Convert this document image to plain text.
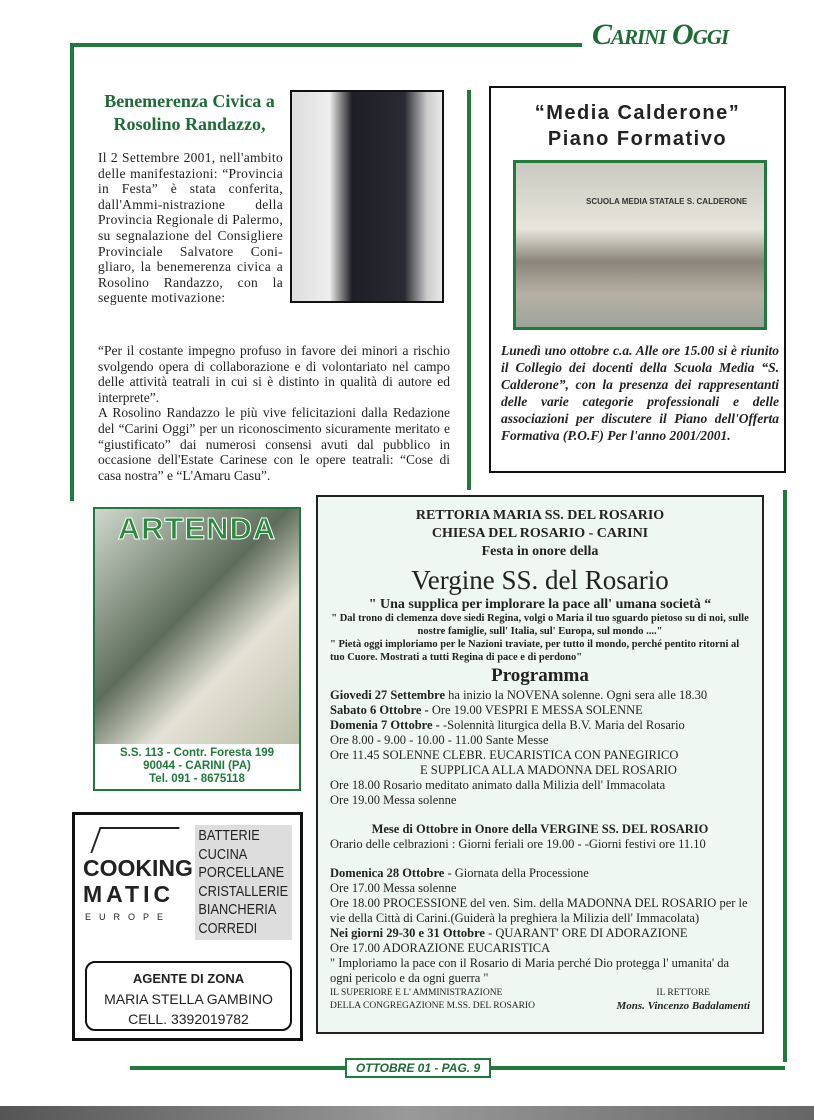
Carini Oggi
Benemerenza Civica a
Rosolino Randazzo,
Il 2 Settembre 2001, nell'ambito delle manifestazioni: “Provincia in Festa” è stata conferita, dall'Ammi-nistrazione della Provincia Regionale di Palermo, su segnalazione del Consigliere Provinciale Salvatore Coni-gliaro, la benemerenza civica a Rosolino Randazzo, con la seguente motivazione:

“Per il costante impegno profuso in favore dei minori a rischio svolgendo opera di collaborazione e di volontariato nel campo delle attività teatrali in cui si è distinto in qualità di autore ed interprete”.

A Rosolino Randazzo le più vive felicitazioni dalla Redazione del “Carini Oggi” per un riconoscimento sicuramente meritato e “giustificato” dai numerosi consensi avuti dal pubblico in occasione dell'Estate Carinese con le opere teatrali: “Cose di casa nostra” e “L'Amaru Casu”.

“Media Calderone”
Piano Formativo
SCUOLA MEDIA STATALE S. CALDERONE
Lunedì uno ottobre c.a. Alle ore 15.00 si è riunito il Collegio dei docenti della Scuola Media “S. Calderone”, con la presenza dei rappresentanti delle varie categorie professionali e delle associazioni per discutere il Piano dell'Offerta Formativa (P.O.F) Per l'anno 2001/2001.
ARTENDA
S.S. 113 - Contr. Foresta 199
90044 - CARINI (PA)
Tel. 091 - 8675118
COOKING
MATIC
EUROPE
BATTERIE CUCINA
PORCELLANE
CRISTALLERIE
BIANCHERIA
CORREDI
AGENTE DI ZONA
MARIA STELLA GAMBINO
CELL. 3392019782
RETTORIA MARIA SS. DEL ROSARIO
CHIESA DEL ROSARIO - CARINI
Festa in onore della
Vergine SS. del Rosario
" Una supplica per implorare la pace all' umana società “
" Dal trono di clemenza dove siedi Regina, volgi o Maria il tuo sguardo pietoso su di noi, sulle nostre famiglie, sull' Italia, sul' Europa, sul mondo ...."
" Pietà oggi imploriamo per le Nazioni traviate, per tutto il mondo, perché pentito ritorni al tuo Cuore. Mostrati a tutti Regina di pace e di perdono"
Programma
Giovedi 27 Settembre ha inizio la NOVENA solenne. Ogni sera alle 18.30
Sabato 6 Ottobre - Ore 19.00 VESPRI E MESSA SOLENNE
Domenia 7 Ottobre - -Solennità liturgica della B.V. Maria del Rosario
Ore 8.00 - 9.00 - 10.00 - 11.00 Sante Messe
Ore 11.45 SOLENNE CLEBR. EUCARISTICA CON PANEGIRICO
E SUPPLICA ALLA MADONNA DEL ROSARIO
Ore 18.00 Rosario meditato animato dalla Milizia dell' Immacolata
Ore 19.00 Messa solenne
Mese di Ottobre in Onore della VERGINE SS. DEL ROSARIO
Orario delle celbrazioni : Giorni feriali ore 19.00 - -Giorni festivi ore 11.10
Domenica 28 Ottobre - Giornata della Processione
Ore 17.00 Messa solenne
Ore 18.00 PROCESSIONE del ven. Sim. della MADONNA DEL ROSARIO per le vie della Città di Carini.(Guiderà la preghiera la Milizia dell' Immacolata)
Nei giorni 29-30 e 31 Ottobre - QUARANT' ORE DI ADORAZIONE
Ore 17.00 ADORAZIONE EUCARISTICA
" Imploriamo la pace con il Rosario di Maria perché Dio protegga l' umanita' da ogni pericolo e da ogni guerra "
IL SUPERIORE E L' AMMINISTRAZIONE
DELLA CONGREGAZIONE M.SS. DEL ROSARIO
IL RETTORE
Mons. Vincenzo Badalamenti
OTTOBRE 01 - PAG. 9
